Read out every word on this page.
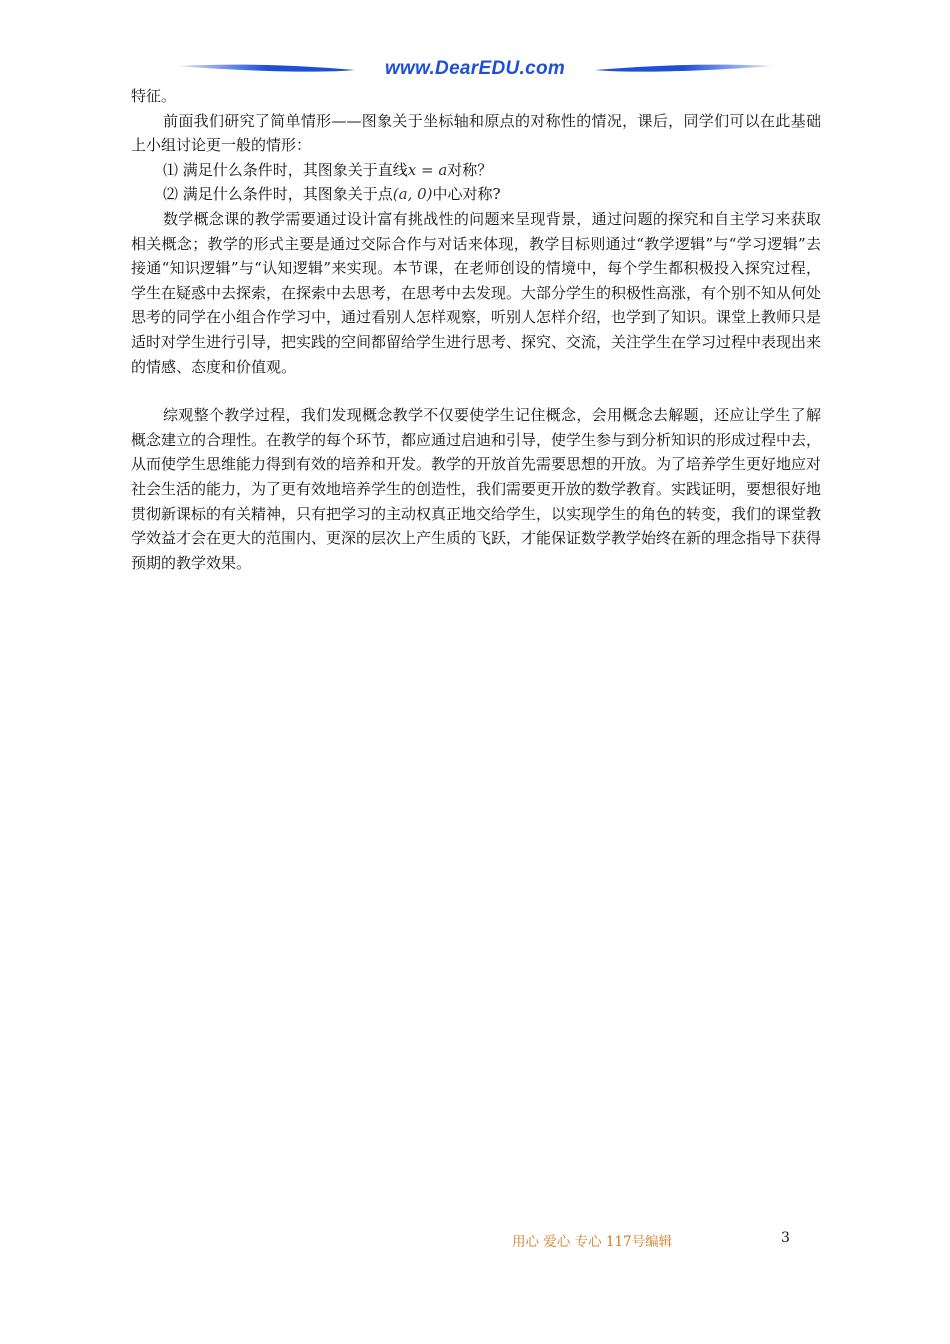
www.DearEDU.com

特征。

前面我们研究了简单情形——图象关于坐标轴和原点的对称性的情况，课后，同学们可以在此基础上小组讨论更一般的情形：

⑴ 满足什么条件时，其图象关于直线x = a对称？

⑵ 满足什么条件时，其图象关于点(a, 0)中心对称?

数学概念课的教学需要通过设计富有挑战性的问题来呈现背景，通过问题的探究和自主学习来获取相关概念；教学的形式主要是通过交际合作与对话来体现，教学目标则通过“教学逻辑”与“学习逻辑”去接通“知识逻辑”与“认知逻辑”来实现。本节课，在老师创设的情境中，每个学生都积极投入探究过程，学生在疑惑中去探索，在探索中去思考，在思考中去发现。大部分学生的积极性高涨，有个别不知从何处思考的同学在小组合作学习中，通过看别人怎样观察，听别人怎样介绍，也学到了知识。课堂上教师只是适时对学生进行引导，把实践的空间都留给学生进行思考、探究、交流，关注学生在学习过程中表现出来的情感、态度和价值观。

综观整个教学过程，我们发现概念教学不仅要使学生记住概念，会用概念去解题，还应让学生了解概念建立的合理性。在教学的每个环节，都应通过启迪和引导，使学生参与到分析知识的形成过程中去，从而使学生思维能力得到有效的培养和开发。教学的开放首先需要思想的开放。为了培养学生更好地应对社会生活的能力，为了更有效地培养学生的创造性，我们需要更开放的数学教育。实践证明，要想很好地贯彻新课标的有关精神，只有把学习的主动权真正地交给学生，以实现学生的角色的转变，我们的课堂教学效益才会在更大的范围内、更深的层次上产生质的飞跃，才能保证数学教学始终在新的理念指导下获得预期的教学效果。

用心 爱心 专心 117号编辑	3
